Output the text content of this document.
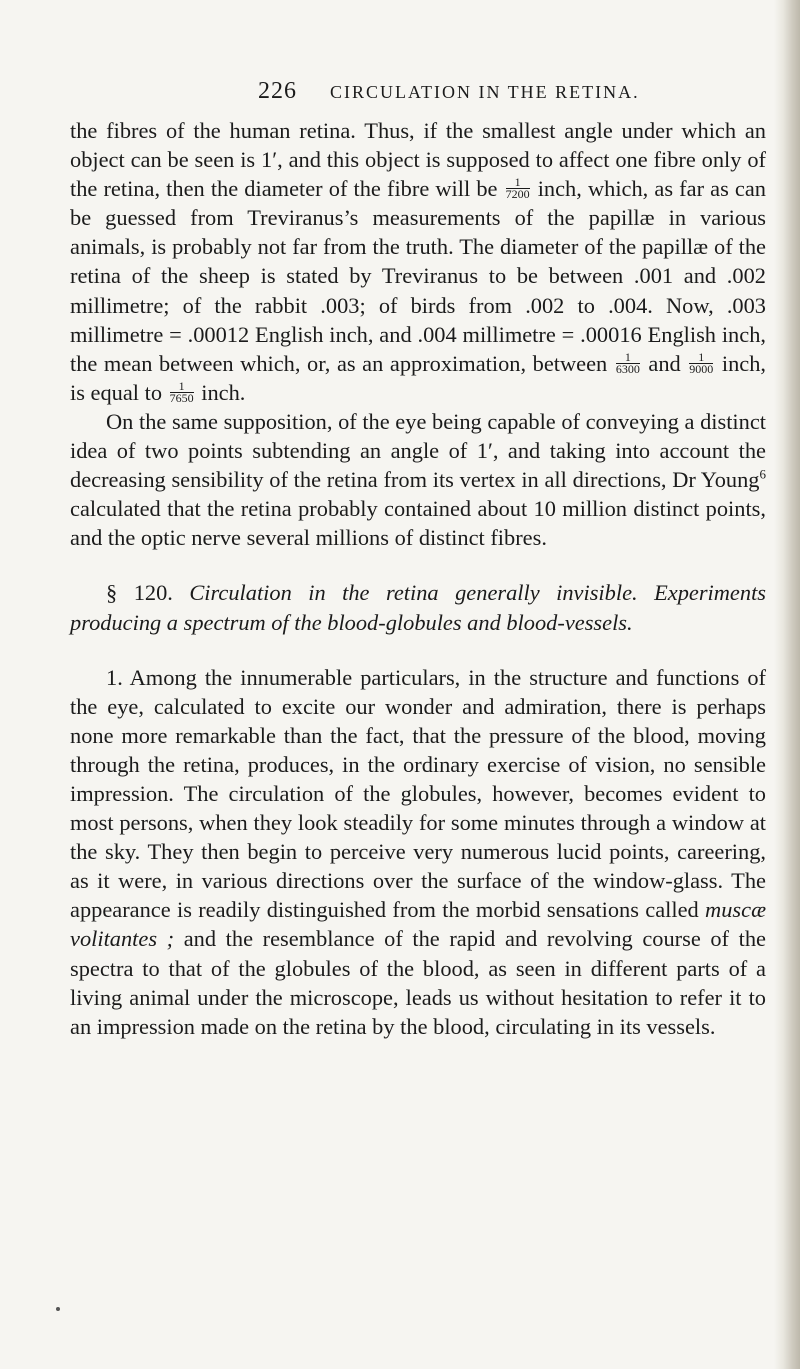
226 CIRCULATION IN THE RETINA.

the fibres of the human retina. Thus, if the smallest angle under which an object can be seen is 1′, and this object is supposed to affect one fibre only of the retina, then the diameter of the fibre will be $\frac{1}{7200}$ inch, which, as far as can be guessed from Treviranus’s measurements of the papillæ in various animals, is probably not far from the truth. The diameter of the papillæ of the retina of the sheep is stated by Treviranus to be between .001 and .002 millimetre; of the rabbit .003; of birds from .002 to .004. Now, .003 millimetre = .00012 English inch, and .004 millimetre = .00016 English inch, the mean between which, or, as an approximation, between $\frac{1}{6300}$ and $\frac{1}{9000}$ inch, is equal to $\frac{1}{7650}$ inch.

On the same supposition, of the eye being capable of conveying a distinct idea of two points subtending an angle of 1′, and taking into account the decreasing sensibility of the retina from its vertex in all directions, Dr Young$^6$ calculated that the retina probably contained about 10 million distinct points, and the optic nerve several millions of distinct fibres.

§ 120. Circulation in the retina generally invisible. Experiments producing a spectrum of the blood-globules and blood-vessels.

1. Among the innumerable particulars, in the structure and functions of the eye, calculated to excite our wonder and admiration, there is perhaps none more remarkable than the fact, that the pressure of the blood, moving through the retina, produces, in the ordinary exercise of vision, no sensible impression. The circulation of the globules, however, becomes evident to most persons, when they look steadily for some minutes through a window at the sky. They then begin to perceive very numerous lucid points, careering, as it were, in various directions over the surface of the window-glass. The appearance is readily distinguished from the morbid sensations called muscæ volitantes ; and the resemblance of the rapid and revolving course of the spectra to that of the globules of the blood, as seen in different parts of a living animal under the microscope, leads us without hesitation to refer it to an impression made on the retina by the blood, circulating in its vessels.
